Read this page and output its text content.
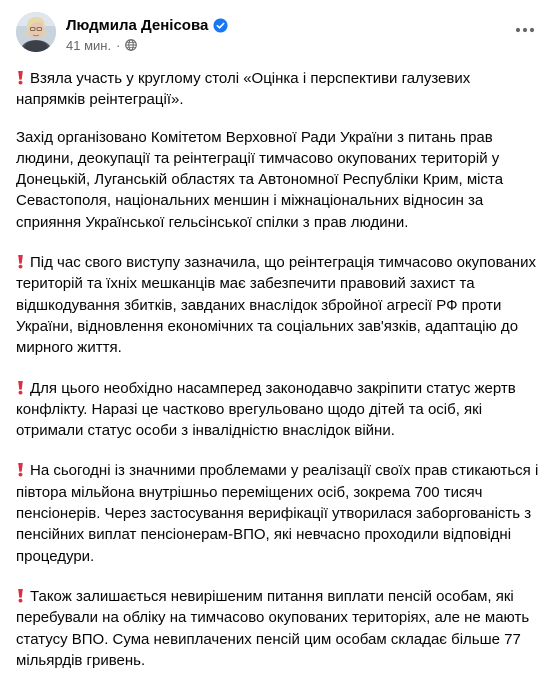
Людмила Денісова
41 мин. ·

Взяла участь у круглому столі «Оцінка і перспективи галузевих напрямків реінтеграції».

Захід організовано Комітетом Верховної Ради України з питань прав людини, деокупації та реінтеграції тимчасово окупованих територій у Донецькій, Луганській областях та Автономної Республіки Крим, міста Севастополя, національних меншин і міжнаціональних відносин за сприяння Української гельсінської спілки з прав людини.

Під час свого виступу зазначила, що реінтеграція тимчасово окупованих територій та їхніх мешканців має забезпечити правовий захист та відшкодування збитків, завданих внаслідок збройної агресії РФ проти України, відновлення економічних та соціальних зав'язків, адаптацію до мирного життя.

Для цього необхідно насамперед законодавчо закріпити статус жертв конфлікту. Наразі це частково врегульовано щодо дітей та осіб, які отримали статус особи з інвалідністю внаслідок війни.

На сьогодні із значними проблемами у реалізації своїх прав стикаються і півтора мільйона внутрішньо переміщених осіб, зокрема 700 тисяч пенсіонерів. Через застосування верифікації утворилася заборгованість з пенсійних виплат пенсіонерам-ВПО, які невчасно проходили відповідні процедури.

Також залишається невирішеним питання виплати пенсій особам, які перебували на обліку на тимчасово окупованих територіях, але не мають статусу ВПО. Сума невиплачених пенсій цим особам складає більше 77 мільярдів гривень.
